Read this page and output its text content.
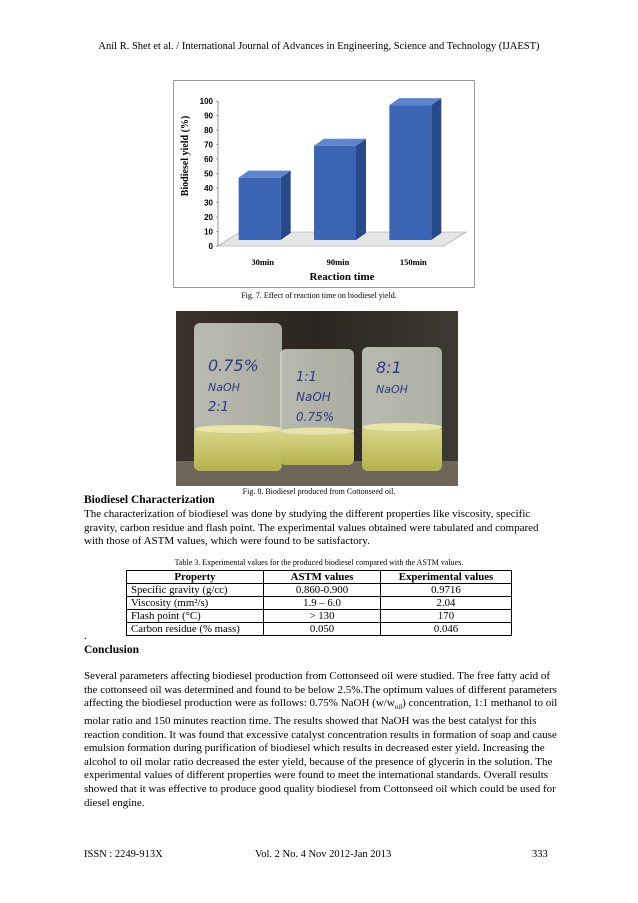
Anil R. Shet et al. / International Journal of Advances in Engineering, Science and Technology (IJAEST)
0
10
20
30
40
50
60
70
80
90
100
30min	90min	150min
Biodiesel yield (%)
Reaction time
Fig. 7. Effect of reaction time on biodiesel yield.
0.75%
NaOH
2:1
1:1
NaOH
0.75%
8:1
NaOH
Fig. 8. Biodiesel produced from Cottonseed oil.
Biodiesel Characterization
The characterization of biodiesel was done by studying the different properties like viscosity, specific
gravity, carbon residue and flash point. The experimental values obtained were tabulated and compared
with those of ASTM values, which were found to be satisfactory.
Table 3. Experimental values for the produced biodiesel compared with the ASTM values.
Property	ASTM values	Experimental values
Specific gravity (g/cc)	0.860-0.900	0.9716
Viscosity (mm²/s)	1.9 – 6.0	2.04
Flash point (°C)	> 130	170
Carbon residue (% mass)	0.050	0.046
.
Conclusion
Several parameters affecting biodiesel production from Cottonseed oil were studied. The free fatty acid of
the cottonseed oil was determined and found to be below 2.5%.The optimum values of different parameters
affecting the biodiesel production were as follows: 0.75% NaOH $(w/w_{oil})$ concentration, 1:1 methanol to oil
molar ratio and 150 minutes reaction time. The results showed that NaOH was the best catalyst for this
reaction condition. It was found that excessive catalyst concentration results in formation of soap and cause
emulsion formation during purification of biodiesel which results in decreased ester yield. Increasing the
alcohol to oil molar ratio decreased the ester yield, because of the presence of glycerin in the solution. The
experimental values of different properties were found to meet the international standards. Overall results
showed that it was effective to produce good quality biodiesel from Cottonseed oil which could be used for
diesel engine.
ISSN : 2249-913X	Vol. 2 No. 4 Nov 2012-Jan 2013	333
